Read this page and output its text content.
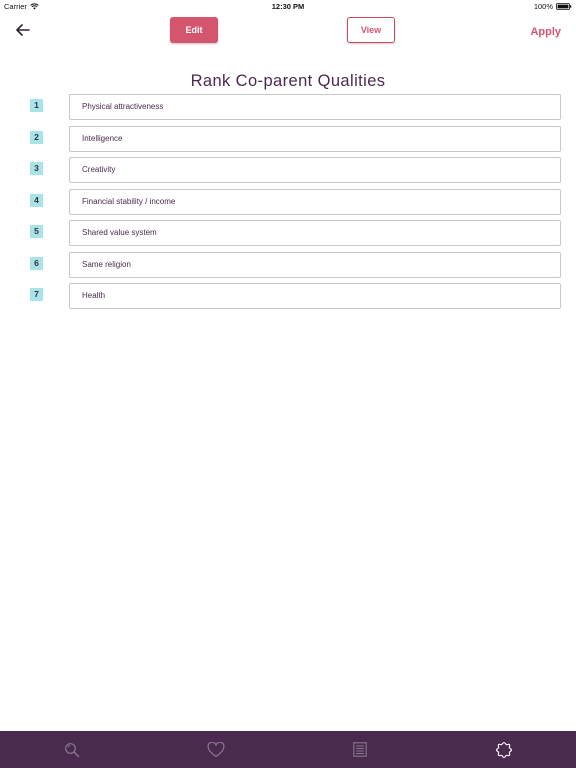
Carrier	12:30 PM	100%
Edit	View	Apply
Rank Co-parent Qualities
1	Physical attractiveness
2	Intelligence
3	Creativity
4	Financial stability / income
5	Shared value system
6	Same religion
7	Health
